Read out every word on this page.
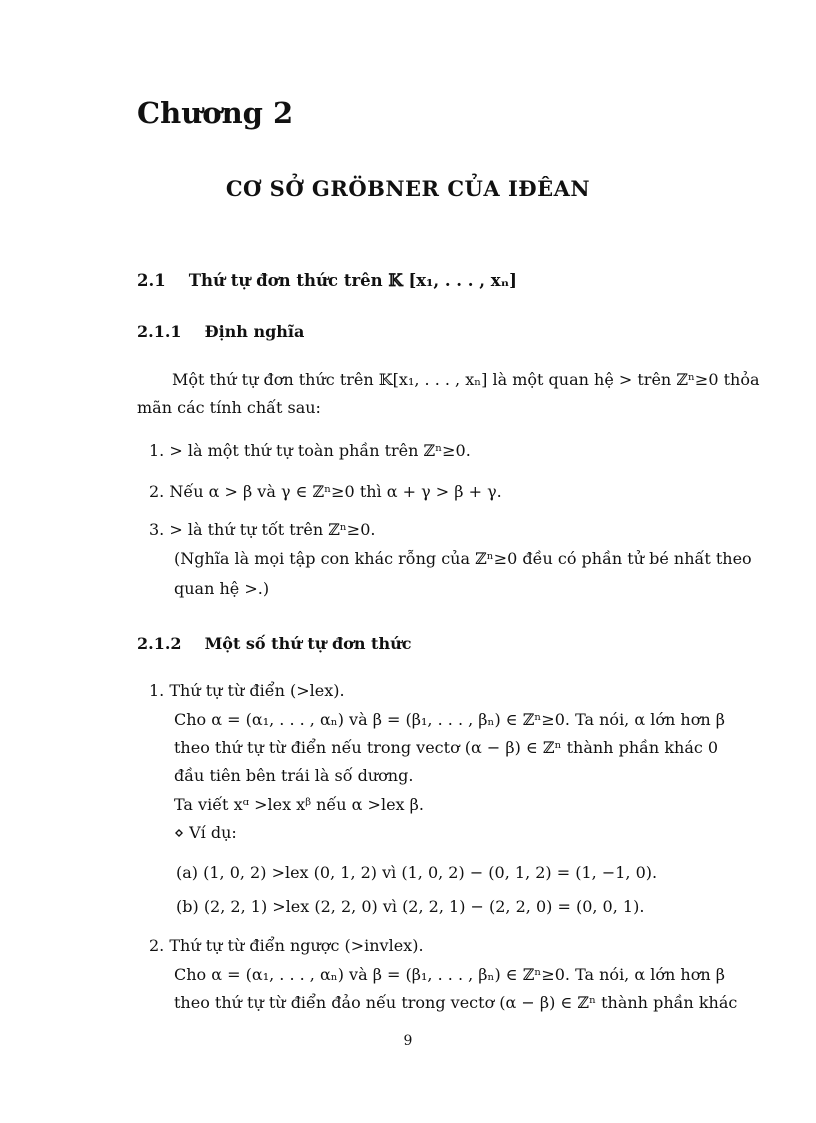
Chương 2
CƠ SỞ GRÖBNER CỦA IĐÊAN
2.1 Thứ tự đơn thức trên 𝕂 [x₁, . . . , xₙ]
2.1.1 Định nghĩa

Một thứ tự đơn thức trên 𝕂[x₁, . . . , xₙ] là một quan hệ > trên ℤⁿ≥0 thỏa

mãn các tính chất sau:

1. > là một thứ tự toàn phần trên ℤⁿ≥0.

2. Nếu α > β và γ ∈ ℤⁿ≥0 thì α + γ > β + γ.

3. > là thứ tự tốt trên ℤⁿ≥0.

(Nghĩa là mọi tập con khác rỗng của ℤⁿ≥0 đều có phần tử bé nhất theo

quan hệ >.)

2.1.2 Một số thứ tự đơn thức

1. Thứ tự từ điển (>lex).

Cho α = (α₁, . . . , αₙ) và β = (β₁, . . . , βₙ) ∈ ℤⁿ≥0. Ta nói, α lớn hơn β

theo thứ tự từ điển nếu trong vectơ (α − β) ∈ ℤⁿ thành phần khác 0

đầu tiên bên trái là số dương.

Ta viết xᵅ >lex xᵝ nếu α >lex β.

⋄ Ví dụ:

(a) (1, 0, 2) >lex (0, 1, 2) vì (1, 0, 2) − (0, 1, 2) = (1, −1, 0).

(b) (2, 2, 1) >lex (2, 2, 0) vì (2, 2, 1) − (2, 2, 0) = (0, 0, 1).

2. Thứ tự từ điển ngược (>invlex).

Cho α = (α₁, . . . , αₙ) và β = (β₁, . . . , βₙ) ∈ ℤⁿ≥0. Ta nói, α lớn hơn β

theo thứ tự từ điển đảo nếu trong vectơ (α − β) ∈ ℤⁿ thành phần khác

9
